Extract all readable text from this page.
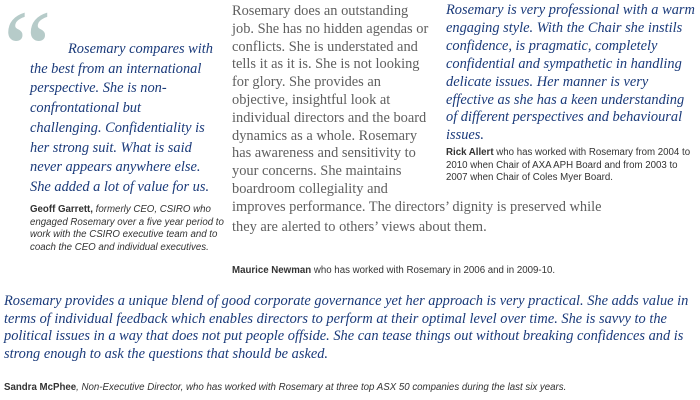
“	Rosemary compares with the best from an international perspective. She is non-confrontational but challenging. Confidentiality is her strong suit. What is said never appears anywhere else. She added a lot of value for us.
Geoff Garrett, formerly CEO, CSIRO who engaged Rosemary over a five year period to work with the CSIRO executive team and to coach the CEO and individual executives.
Rosemary does an outstanding job. She has no hidden agendas or conflicts. She is understated and tells it as it is. She is not looking for glory. She provides an objective, insightful look at individual directors and the board dynamics as a whole. Rosemary has awareness and sensitivity to your concerns. She maintains boardroom collegiality and
improves performance. The directors’ dignity is preserved while they are alerted to others’ views about them.
Maurice Newman who has worked with Rosemary in 2006 and in 2009-10.
Rosemary is very professional with a warm engaging style. With the Chair she instils confidence, is pragmatic, completely confidential and sympathetic in handling delicate issues. Her manner is very effective as she has a keen understanding of different perspectives and behavioural issues.
Rick Allert who has worked with Rosemary from 2004 to 2010 when Chair of AXA APH Board and from 2003 to 2007 when Chair of Coles Myer Board.
Rosemary provides a unique blend of good corporate governance yet her approach is very practical. She adds value in terms of individual feedback which enables directors to perform at their optimal level over time. She is savvy to the political issues in a way that does not put people offside. She can tease things out without breaking confidences and is strong enough to ask the questions that should be asked.
Sandra McPhee, Non-Executive Director, who has worked with Rosemary at three top ASX 50 companies during the last six years.
